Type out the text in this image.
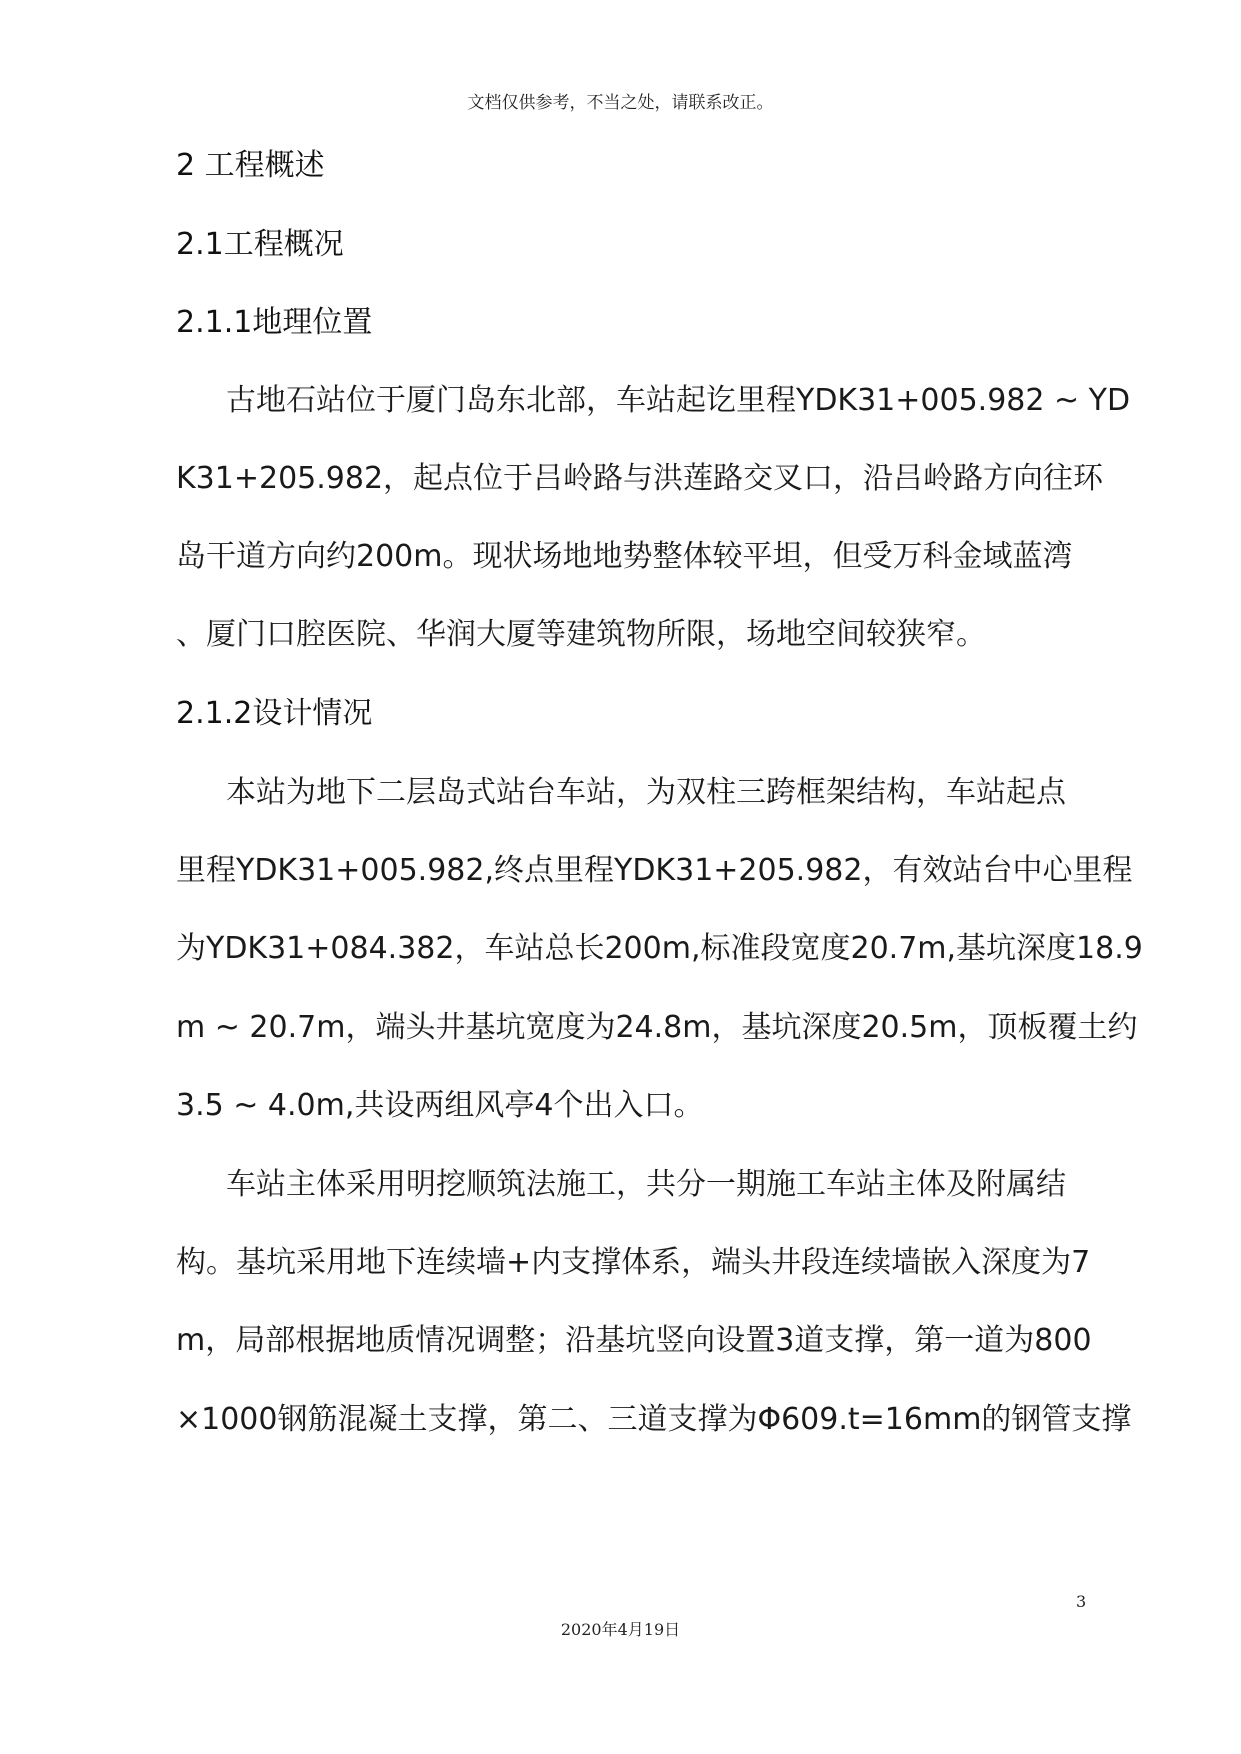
文档仅供参考，不当之处，请联系改正。
2 工程概述
2.1工程概况
2.1.1地理位置
古地石站位于厦门岛东北部，车站起讫里程YDK31+005.982 ~ YD
K31+205.982，起点位于吕岭路与洪莲路交叉口，沿吕岭路方向往环
岛干道方向约200m。现状场地地势整体较平坦，但受万科金域蓝湾
、厦门口腔医院、华润大厦等建筑物所限，场地空间较狭窄。
2.1.2设计情况
本站为地下二层岛式站台车站，为双柱三跨框架结构，车站起点
里程YDK31+005.982,终点里程YDK31+205.982，有效站台中心里程
为YDK31+084.382，车站总长200m,标准段宽度20.7m,基坑深度18.9
m ~ 20.7m，端头井基坑宽度为24.8m，基坑深度20.5m，顶板覆土约
3.5 ~ 4.0m,共设两组风亭4个出入口。
车站主体采用明挖顺筑法施工，共分一期施工车站主体及附属结
构。基坑采用地下连续墙+内支撑体系，端头井段连续墙嵌入深度为7
m，局部根据地质情况调整；沿基坑竖向设置3道支撑，第一道为800
×1000钢筋混凝土支撑，第二、三道支撑为Φ609.t=16mm的钢管支撑
3
2020年4月19日
